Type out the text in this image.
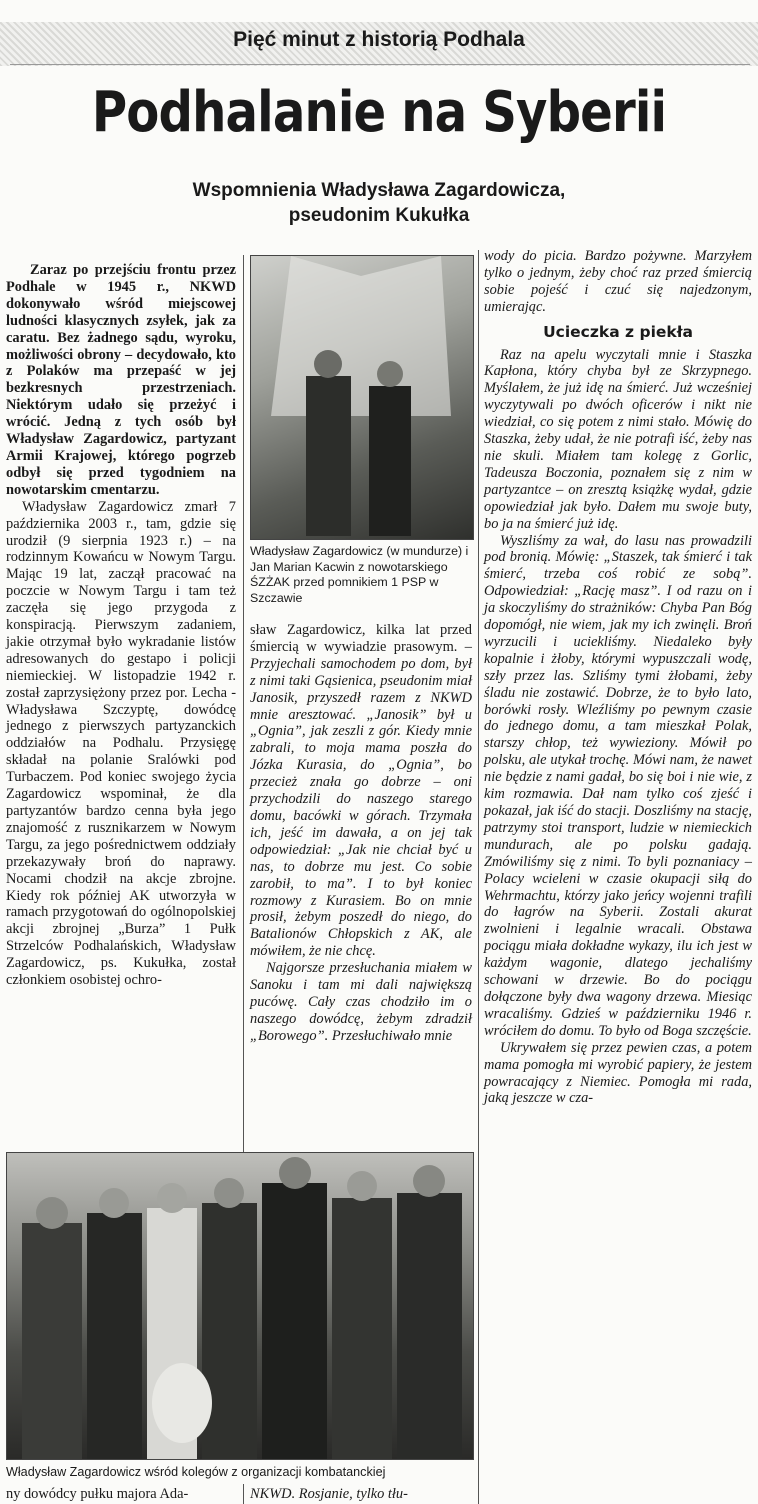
Pięć minut z historią Podhala
Podhalanie na Syberii
Wspomnienia Władysława Zagardowicza,
pseudonim Kukułka

Zaraz po przejściu frontu przez Podhale w 1945 r., NKWD dokonywało wśród miejscowej ludności klasycznych zsyłek, jak za caratu. Bez żadnego sądu, wyroku, możliwości obrony – decydowało, kto z Polaków ma przepaść w jej bezkresnych przestrzeniach. Niektórym udało się przeżyć i wrócić. Jedną z tych osób był Władysław Zagardowicz, partyzant Armii Krajowej, którego pogrzeb odbył się przed tygodniem na nowotarskim cmentarzu.

Władysław Zagardowicz zmarł 7 października 2003 r., tam, gdzie się urodził (9 sierpnia 1923 r.) – na rodzinnym Kowańcu w Nowym Targu. Mając 19 lat, zaczął pracować na poczcie w Nowym Targu i tam też zaczęła się jego przygoda z konspiracją. Pierwszym zadaniem, jakie otrzymał było wykradanie listów adresowanych do gestapo i policji niemieckiej. W listopadzie 1942 r. został zaprzysiężony przez por. Lecha - Władysława Szczyptę, dowódcę jednego z pierwszych partyzanckich oddziałów na Podhalu. Przysięgę składał na polanie Sralówki pod Turbaczem. Pod koniec swojego życia Zagardowicz wspominał, że dla partyzantów bardzo cenna była jego znajomość z rusznikarzem w Nowym Targu, za jego pośrednictwem oddziały przekazywały broń do naprawy. Nocami chodził na akcje zbrojne. Kiedy rok później AK utworzyła w ramach przygotowań do ogólnopolskiej akcji zbrojnej „Burza” 1 Pułk Strzelców Podhalańskich, Władysław Zagardowicz, ps. Kukułka, został członkiem osobistej ochro-

Władysław Zagardowicz (w mundurze) i Jan Marian Kacwin z nowotarskiego ŚZŻAK przed pomnikiem 1 PSP w Szczawie

sław Zagardowicz, kilka lat przed śmiercią w wywiadzie prasowym. – Przyjechali samochodem po dom, był z nimi taki Gąsienica, pseudonim miał Janosik, przyszedł razem z NKWD mnie aresztować. „Janosik” był u „Ognia”, jak zeszli z gór. Kiedy mnie zabrali, to moja mama poszła do Józka Kurasia, do „Ognia”, bo przecież znała go dobrze – oni przychodzili do naszego starego domu, bacówki w górach. Trzymała ich, jeść im dawała, a on jej tak odpowiedział: „Jak nie chciał być u nas, to dobrze mu jest. Co sobie zarobił, to ma”. I to był koniec rozmowy z Kurasiem. Bo on mnie prosił, żebym poszedł do niego, do Batalionów Chłopskich z AK, ale mówiłem, że nie chcę.

Najgorsze przesłuchania miałem w Sanoku i tam mi dali największą pucówę. Cały czas chodziło im o naszego dowódcę, żebym zdradził „Borowego”. Przesłuchiwało mnie

wody do picia. Bardzo pożywne. Marzyłem tylko o jednym, żeby choć raz przed śmiercią sobie pojeść i czuć się najedzonym, umierając.

Ucieczka z piekła

Raz na apelu wyczytali mnie i Staszka Kapłona, który chyba był ze Skrzypnego. Myślałem, że już idę na śmierć. Już wcześniej wyczytywali po dwóch oficerów i nikt nie wiedział, co się potem z nimi stało. Mówię do Staszka, żeby udał, że nie potrafi iść, żeby nas nie skuli. Miałem tam kolegę z Gorlic, Tadeusza Boczonia, poznałem się z nim w partyzantce – on zresztą książkę wydał, gdzie opowiedział jak było. Dałem mu swoje buty, bo ja na śmierć już idę.

Wyszliśmy za wał, do lasu nas prowadzili pod bronią. Mówię: „Staszek, tak śmierć i tak śmierć, trzeba coś robić ze sobą”. Odpowiedział: „Rację masz”. I od razu on i ja skoczyliśmy do strażników: Chyba Pan Bóg dopomógł, nie wiem, jak my ich zwinęli. Broń wyrzucili i uciekliśmy. Niedaleko były kopalnie i żłoby, którymi wypuszczali wodę, szły przez las. Szliśmy tymi żłobami, żeby śladu nie zostawić. Dobrze, że to było lato, borówki rosły. Wleźliśmy po pewnym czasie do jednego domu, a tam mieszkał Polak, starszy chłop, też wywieziony. Mówił po polsku, ale utykał trochę. Mówi nam, że nawet nie będzie z nami gadał, bo się boi i nie wie, z kim rozmawia. Dał nam tylko coś zjeść i pokazał, jak iść do stacji. Doszliśmy na stację, patrzymy stoi transport, ludzie w niemieckich mundurach, ale po polsku gadają. Zmówiliśmy się z nimi. To byli poznaniacy – Polacy wcieleni w czasie okupacji siłą do Wehrmachtu, którzy jako jeńcy wojenni trafili do łagrów na Syberii. Zostali akurat zwolnieni i legalnie wracali. Obstawa pociągu miała dokładne wykazy, ilu ich jest w każdym wagonie, dlatego jechaliśmy schowani w drzewie. Bo do pociągu dołączone były dwa wagony drzewa. Miesiąc wracaliśmy. Gdzieś w październiku 1946 r. wróciłem do domu. To było od Boga szczęście.

Ukrywałem się przez pewien czas, a potem mama pomogła mi wyrobić papiery, że jestem powracający z Niemiec. Pomogła mi rada, jaką jeszcze w cza-

Władysław Zagardowicz wśród kolegów z organizacji kombatanckiej
ny dowódcy pułku majora Ada-	NKWD. Rosjanie, tylko tłu-
